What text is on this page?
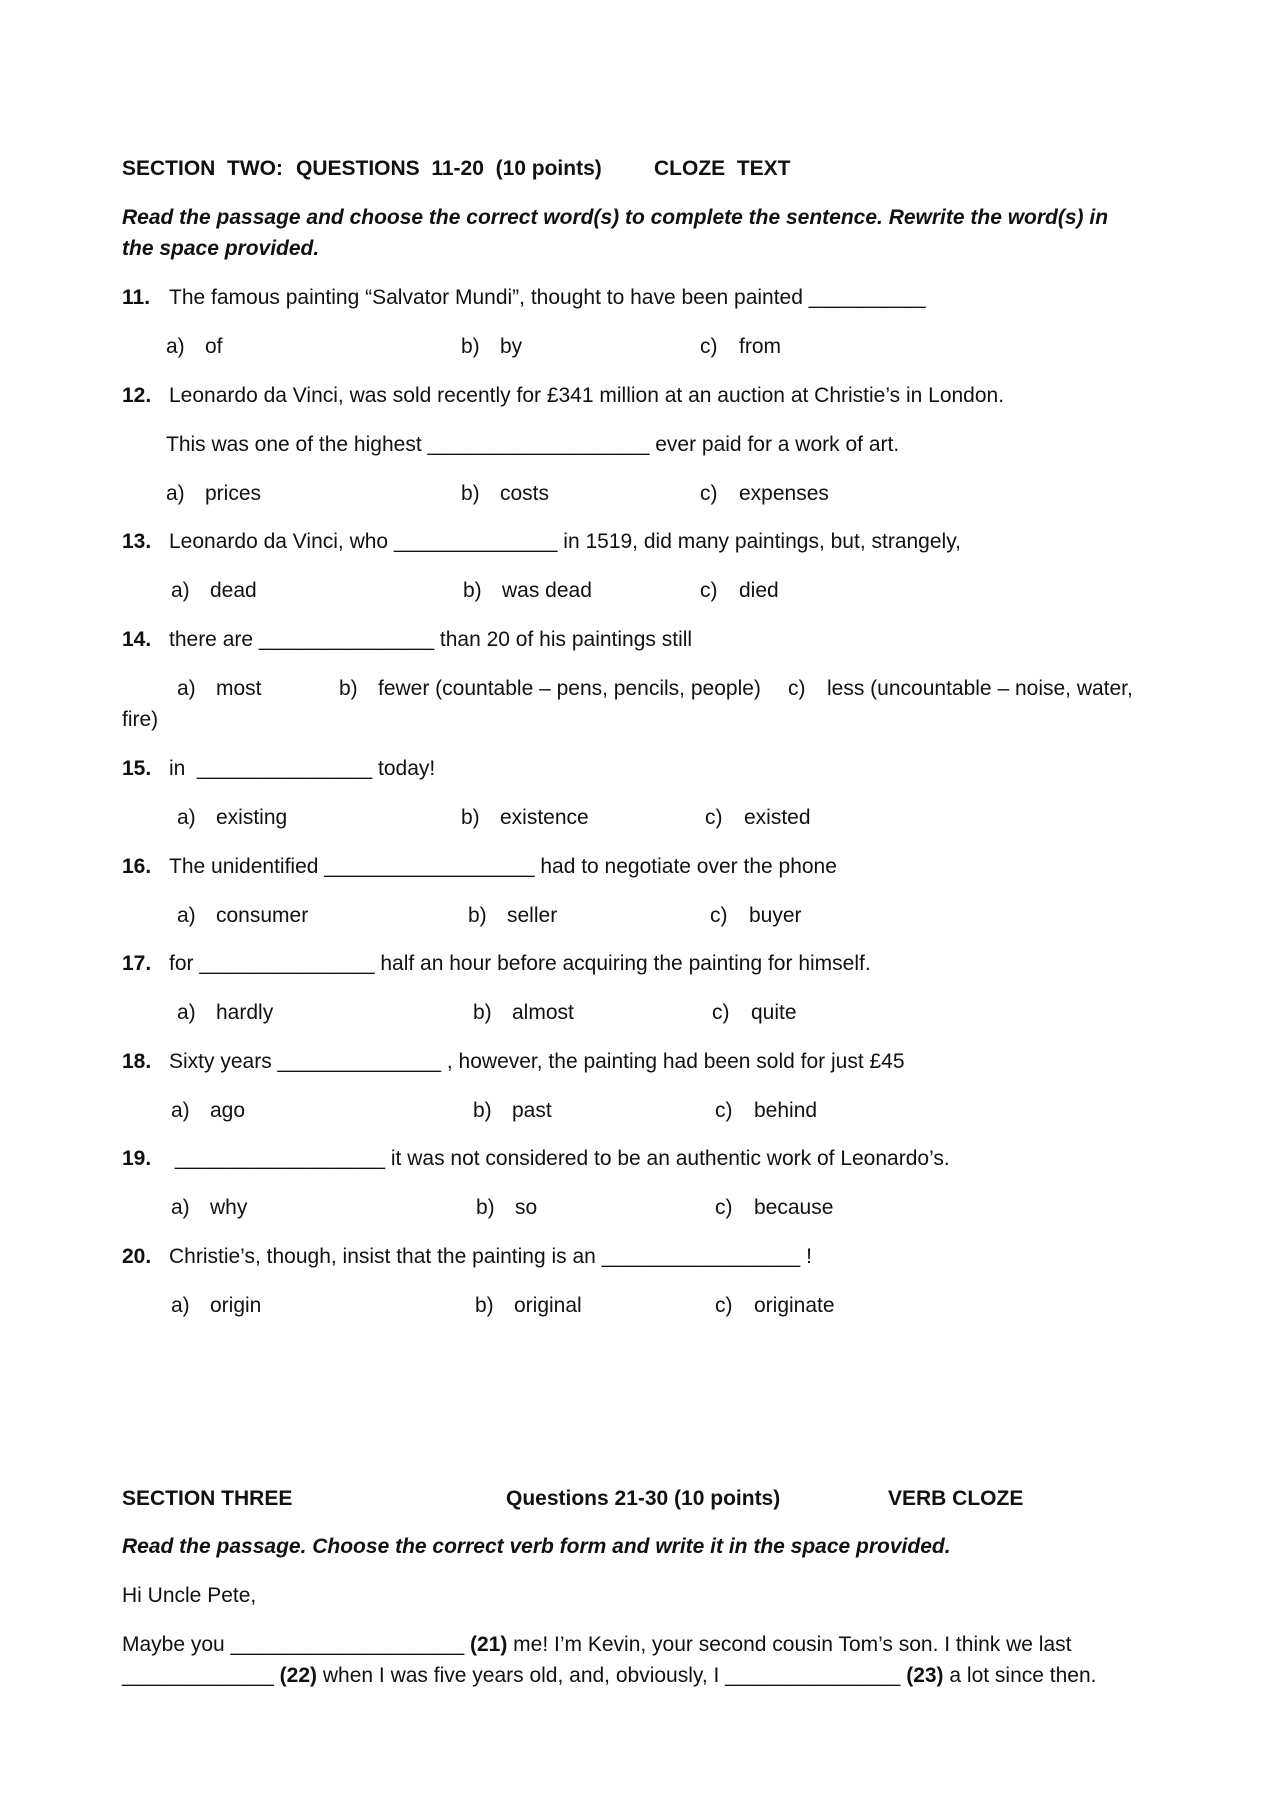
SECTION  TWO: QUESTIONS  11-20  (10 points) CLOZE  TEXT
Read the passage and choose the correct word(s) to complete the sentence. Rewrite the word(s) in the space provided.
11. The famous painting “Salvator Mundi”, thought to have been painted __________
a) of	b) by	c) from
12. Leonardo da Vinci, was sold recently for £341 million at an auction at Christie’s in London.
This was one of the highest ___________________ ever paid for a work of art.
a) prices	b) costs	c) expenses
13. Leonardo da Vinci, who ______________ in 1519, did many paintings, but, strangely,
a) dead	b) was dead	c) died
14. there are _______________ than 20 of his paintings still
a) most	b) fewer (countable – pens, pencils, people) c) less (uncountable – noise, water,
fire)
15. in  _______________ today!
a) existing	b) existence	c) existed
16. The unidentified __________________ had to negotiate over the phone
a) consumer	b) seller	c) buyer
17. for _______________ half an hour before acquiring the painting for himself.
a) hardly	b) almost	c) quite
18. Sixty years ______________ , however, the painting had been sold for just £45
a) ago	b) past	c) behind
19. __________________ it was not considered to be an authentic work of Leonardo’s.
a) why	b) so	c) because
20. Christie’s, though, insist that the painting is an _________________ !
a) origin	b) original	c) originate
SECTION THREE	Questions 21-30 (10 points)	VERB CLOZE
Read the passage. Choose the correct verb form and write it in the space provided.
Hi Uncle Pete,
Maybe you ____________________ (21) me! I’m Kevin, your second cousin Tom’s son. I think we last _____________ (22) when I was five years old, and, obviously, I _______________ (23) a lot since then.
